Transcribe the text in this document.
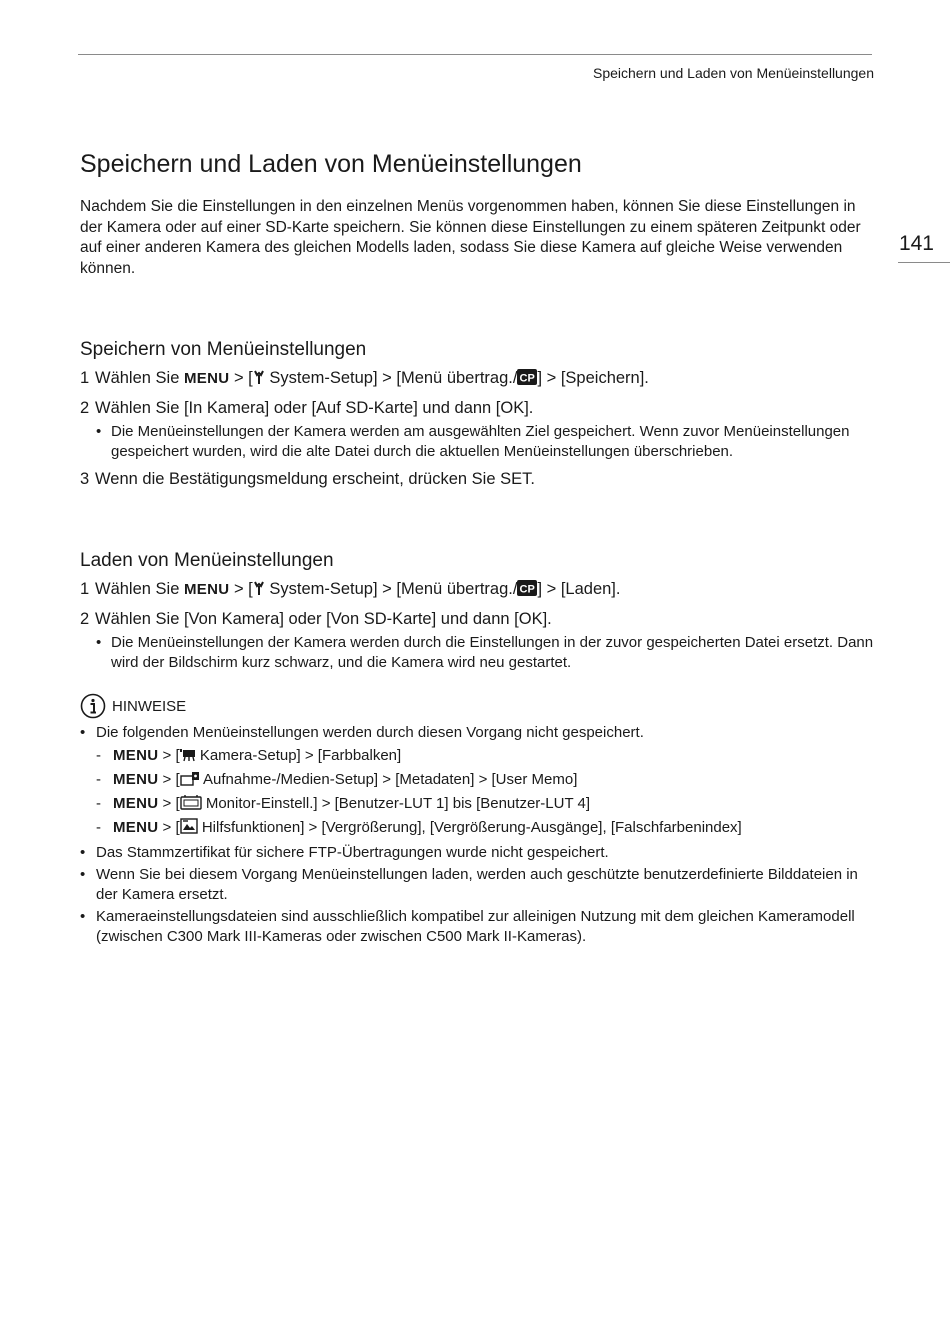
Speichern und Laden von Menüeinstellungen
141
Speichern und Laden von Menüeinstellungen

Nachdem Sie die Einstellungen in den einzelnen Menüs vorgenommen haben, können Sie diese Einstellungen in der Kamera oder auf einer SD-Karte speichern. Sie können diese Einstellungen zu einem späteren Zeitpunkt oder auf einer anderen Kamera des gleichen Modells laden, sodass Sie diese Kamera auf gleiche Weise verwenden können.

Speichern von Menüeinstellungen
1 Wählen Sie MENU > [ System-Setup] > [Menü übertrag./ CP ] > [Speichern].
2 Wählen Sie [In Kamera] oder [Auf SD-Karte] und dann [OK].
• Die Menüeinstellungen der Kamera werden am ausgewählten Ziel gespeichert. Wenn zuvor Menüeinstellungen gespeichert wurden, wird die alte Datei durch die aktuellen Menüeinstellungen überschrieben.
3 Wenn die Bestätigungsmeldung erscheint, drücken Sie SET.
Laden von Menüeinstellungen
1 Wählen Sie MENU > [ System-Setup] > [Menü übertrag./ CP ] > [Laden].
2 Wählen Sie [Von Kamera] oder [Von SD-Karte] und dann [OK].
• Die Menüeinstellungen der Kamera werden durch die Einstellungen in der zuvor gespeicherten Datei ersetzt. Dann wird der Bildschirm kurz schwarz, und die Kamera wird neu gestartet.
HINWEISE
• Die folgenden Menüeinstellungen werden durch diesen Vorgang nicht gespeichert.
- MENU > [ Kamera-Setup] > [Farbbalken]
- MENU > [ Aufnahme-/Medien-Setup] > [Metadaten] > [User Memo]
- MENU > [ Monitor-Einstell.] > [Benutzer-LUT 1] bis [Benutzer-LUT 4]
- MENU > [ Hilfsfunktionen] > [Vergrößerung], [Vergrößerung-Ausgänge], [Falschfarbenindex]
• Das Stammzertifikat für sichere FTP-Übertragungen wurde nicht gespeichert.
• Wenn Sie bei diesem Vorgang Menüeinstellungen laden, werden auch geschützte benutzerdefinierte Bilddateien in der Kamera ersetzt.
• Kameraeinstellungsdateien sind ausschließlich kompatibel zur alleinigen Nutzung mit dem gleichen Kameramodell (zwischen C300 Mark III-Kameras oder zwischen C500 Mark II-Kameras).
